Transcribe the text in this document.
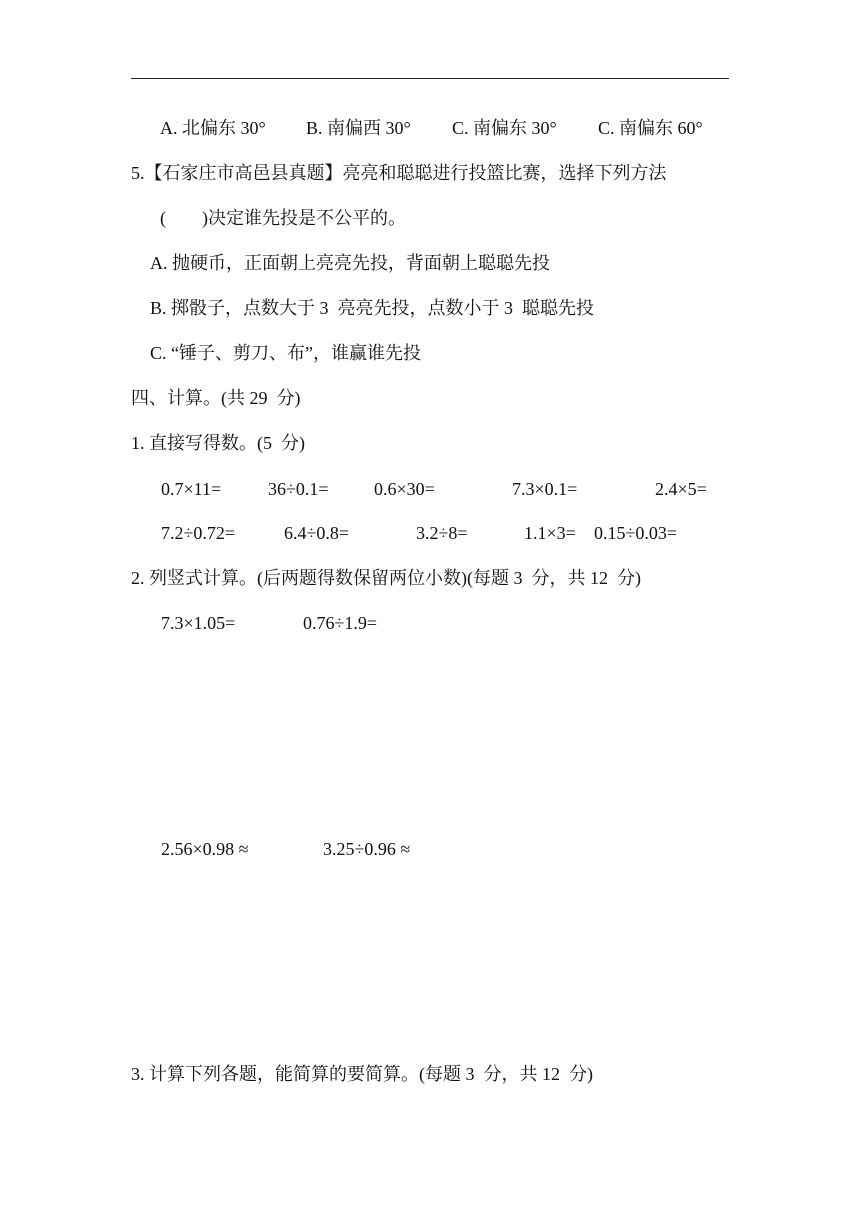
A. 北偏东 30° B. 南偏西 30° C. 南偏东 30° C. 南偏东 60°
5.【石家庄市高邑县真题】亮亮和聪聪进行投篮比赛，选择下列方法
(　　)决定谁先投是不公平的。
A. 抛硬币，正面朝上亮亮先投，背面朝上聪聪先投
B. 掷骰子，点数大于 3  亮亮先投，点数小于 3  聪聪先投
C. “锤子、剪刀、布”，谁赢谁先投
四、计算。(共 29  分)
1. 直接写得数。(5  分)
0.7×11=	36÷0.1=	0.6×30=	7.3×0.1=	2.4×5=
7.2÷0.72=	6.4÷0.8=	3.2÷8=	1.1×3= 0.15÷0.03=
2. 列竖式计算。(后两题得数保留两位小数)(每题 3  分，共 12  分)
7.3×1.05=	0.76÷1.9=
2.56×0.98 ≈	3.25÷0.96 ≈
3. 计算下列各题，能简算的要简算。(每题 3  分，共 12  分)
